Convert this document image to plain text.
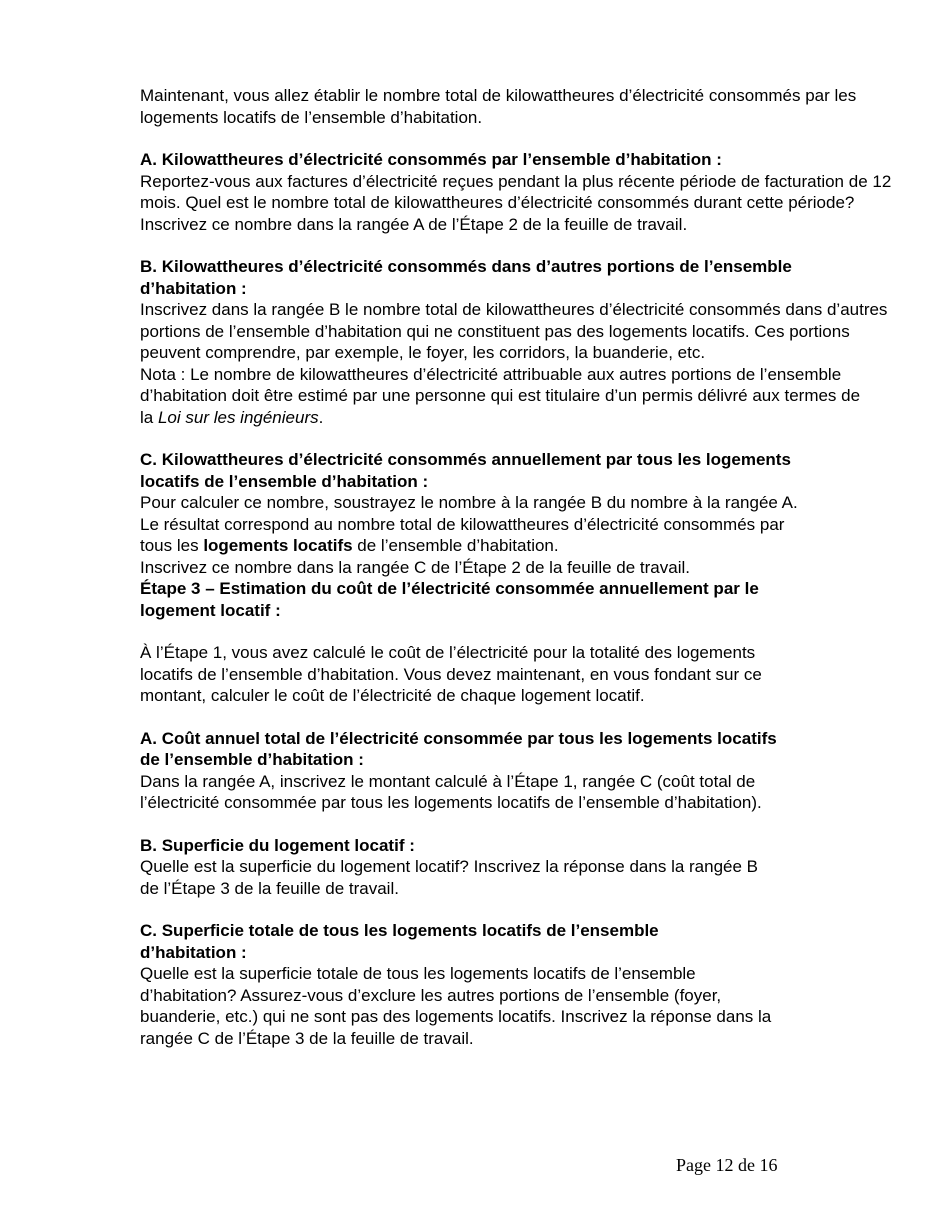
Maintenant, vous allez établir le nombre total de kilowattheures d’électricité consommés par les logements locatifs de l’ensemble d’habitation.

A. Kilowattheures d’électricité consommés par l’ensemble d’habitation :

Reportez-vous aux factures d’électricité reçues pendant la plus récente période de facturation de 12 mois. Quel est le nombre total de kilowattheures d’électricité consommés durant cette période? Inscrivez ce nombre dans la rangée A de l’Étape 2 de la feuille de travail.

B. Kilowattheures d’électricité consommés dans d’autres portions de l’ensemble d’habitation :

Inscrivez dans la rangée B le nombre total de kilowattheures d’électricité consommés dans d’autres portions de l’ensemble d’habitation qui ne constituent pas des logements locatifs. Ces portions peuvent comprendre, par exemple, le foyer, les corridors, la buanderie, etc.

Nota : Le nombre de kilowattheures d’électricité attribuable aux autres portions de l’ensemble d’habitation doit être estimé par une personne qui est titulaire d’un permis délivré aux termes de la Loi sur les ingénieurs.

C. Kilowattheures d’électricité consommés annuellement par tous les logements locatifs de l’ensemble d’habitation :

Pour calculer ce nombre, soustrayez le nombre à la rangée B du nombre à la rangée A. Le résultat correspond au nombre total de kilowattheures d’électricité consommés par tous les logements locatifs de l’ensemble d’habitation.

Inscrivez ce nombre dans la rangée C de l’Étape 2 de la feuille de travail.

Étape 3 – Estimation du coût de l’électricité consommée annuellement par le logement locatif :

À l’Étape 1, vous avez calculé le coût de l’électricité pour la totalité des logements locatifs de l’ensemble d’habitation. Vous devez maintenant, en vous fondant sur ce montant, calculer le coût de l’électricité de chaque logement locatif.

A. Coût annuel total de l’électricité consommée par tous les logements locatifs de l’ensemble d’habitation :

Dans la rangée A, inscrivez le montant calculé à l’Étape 1, rangée C (coût total de l’électricité consommée par tous les logements locatifs de l’ensemble d’habitation).

B. Superficie du logement locatif :

Quelle est la superficie du logement locatif? Inscrivez la réponse dans la rangée B de l’Étape 3 de la feuille de travail.

C. Superficie totale de tous les logements locatifs de l’ensemble d’habitation :

Quelle est la superficie totale de tous les logements locatifs de l’ensemble d’habitation? Assurez-vous d’exclure les autres portions de l’ensemble (foyer, buanderie, etc.) qui ne sont pas des logements locatifs. Inscrivez la réponse dans la rangée C de l’Étape 3 de la feuille de travail.

Page 12 de 16
